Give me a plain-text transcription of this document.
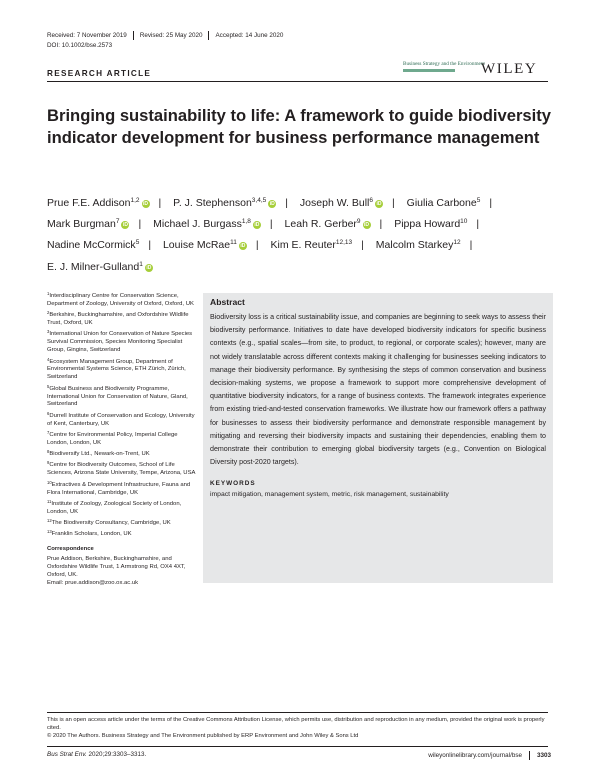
Received: 7 November 2019 Revised: 25 May 2020 Accepted: 14 June 2020
DOI: 10.1002/bse.2573
RESEARCH ARTICLE
Business Strategy and the Environment
WILEY
Bringing sustainability to life: A framework to guide biodiversity indicator development for business performance management
Prue F.E. Addison$^{1,2}$ iD | P. J. Stephenson$^{3,4,5}$ iD | Joseph W. Bull$^6$ iD | Giulia Carbone$^5$ | Mark Burgman$^7$ iD | Michael J. Burgass$^{1,8}$ iD | Leah R. Gerber$^9$ iD | Pippa Howard$^{10}$ | Nadine McCormick$^5$ | Louise McRae$^{11}$ iD | Kim E. Reuter$^{12,13}$ | Malcolm Starkey$^{12}$ | E. J. Milner-Gulland$^1$ iD
$^1$Interdisciplinary Centre for Conservation Science, Department of Zoology, University of Oxford, Oxford, UK
$^2$Berkshire, Buckinghamshire, and Oxfordshire Wildlife Trust, Oxford, UK
$^3$International Union for Conservation of Nature Species Survival Commission, Species Monitoring Specialist Group, Gingins, Switzerland
$^4$Ecosystem Management Group, Department of Environmental Systems Science, ETH Zürich, Zürich, Switzerland
$^5$Global Business and Biodiversity Programme, International Union for Conservation of Nature, Gland, Switzerland
$^6$Durrell Institute of Conservation and Ecology, University of Kent, Canterbury, UK
$^7$Centre for Environmental Policy, Imperial College London, London, UK
$^8$Biodiversify Ltd., Newark-on-Trent, UK
$^9$Centre for Biodiversity Outcomes, School of Life Sciences, Arizona State University, Tempe, Arizona, USA
$^{10}$Extractives & Development Infrastructure, Fauna and Flora International, Cambridge, UK
$^{11}$Institute of Zoology, Zoological Society of London, London, UK
$^{12}$The Biodiversity Consultancy, Cambridge, UK
$^{13}$Franklin Scholars, London, UK
Correspondence
Prue Addison, Berkshire, Buckinghamshire, and Oxfordshire Wildlife Trust, 1 Armstrong Rd, OX4 4XT, Oxford, UK.
Email: prue.addison@zoo.ox.ac.uk
Abstract

Biodiversity loss is a critical sustainability issue, and companies are beginning to seek ways to assess their biodiversity performance. Initiatives to date have developed biodiversity indicators for specific business contexts (e.g., spatial scales—from site, to product, to regional, or corporate scales); however, many are not widely translatable across different contexts making it challenging for businesses seeking indicators to manage their biodiversity performance. By synthesising the steps of common conservation and business decision-making systems, we propose a framework to support more comprehensive development of quantitative biodiversity indicators, for a range of business contexts. The framework integrates experience from existing tried-and-tested conservation frameworks. We illustrate how our framework offers a pathway for businesses to assess their biodiversity performance and demonstrate responsible management by mitigating and reversing their biodiversity impacts and sustaining their dependencies, enabling them to demonstrate their contribution to emerging global biodiversity targets (e.g., Convention on Biological Diversity post-2020 targets).

KEYWORDS
impact mitigation, management system, metric, risk management, sustainability
This is an open access article under the terms of the Creative Commons Attribution License, which permits use, distribution and reproduction in any medium, provided the original work is properly cited.
© 2020 The Authors. Business Strategy and The Environment published by ERP Environment and John Wiley & Sons Ltd
Bus Strat Env. 2020;29:3303–3313.	wileyonlinelibrary.com/journal/bse 3303
